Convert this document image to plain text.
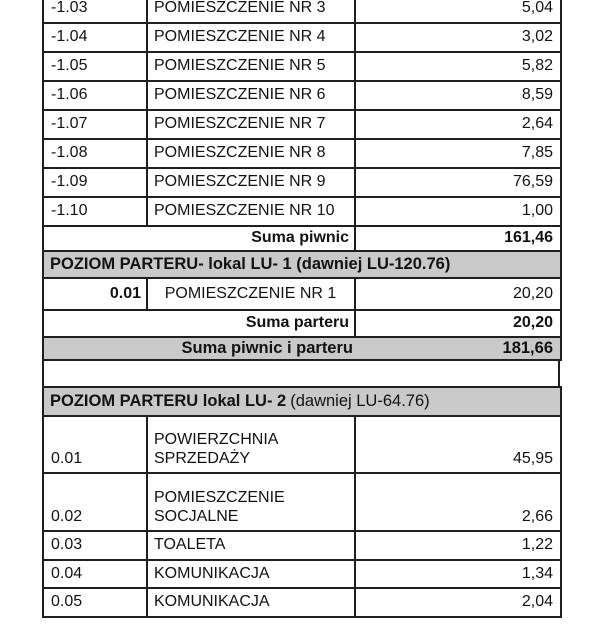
-1.03	POMIESZCZENIE NR 3	5,04
-1.04	POMIESZCZENIE NR 4	3,02
-1.05	POMIESZCZENIE NR 5	5,82
-1.06	POMIESZCZENIE NR 6	8,59
-1.07	POMIESZCZENIE NR 7	2,64
-1.08	POMIESZCZENIE NR 8	7,85
-1.09	POMIESZCZENIE NR 9	76,59
-1.10	POMIESZCZENIE NR 10	1,00
Suma piwnic		161,46
POZIOM PARTERU- lokal LU- 1 (dawniej LU-120.76)		
0.01	POMIESZCZENIE NR 1	20,20
Suma parteru		20,20

Suma piwnic i parteru 181,66		
POZIOM PARTERU lokal LU- 2 (dawniej LU-64.76)		
0.01	POWIERZCHNIA SPRZEDAŻY	45,95
0.02	POMIESZCZENIE SOCJALNE	2,66
0.03	TOALETA	1,22
0.04	KOMUNIKACJA	1,34
0.05	KOMUNIKACJA	2,04
